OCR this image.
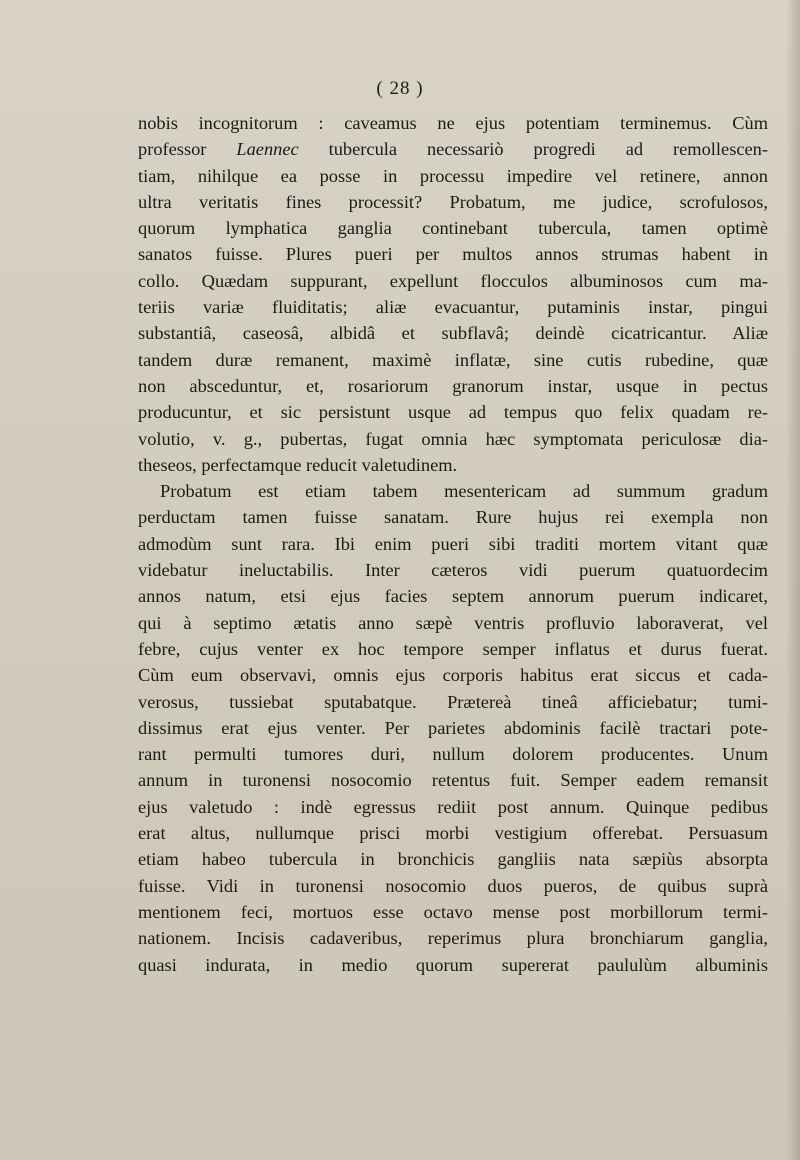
( 28 )
nobis incognitorum : caveamus ne ejus potentiam terminemus. Cùm
professor Laennec tubercula necessariò progredi ad remollescen-
tiam, nihilque ea posse in processu impedire vel retinere, annon
ultra veritatis fines processit? Probatum, me judice, scrofulosos,
quorum lymphatica ganglia continebant tubercula, tamen optimè
sanatos fuisse. Plures pueri per multos annos strumas habent in
collo. Quædam suppurant, expellunt flocculos albuminosos cum ma-
teriis variæ fluiditatis; aliæ evacuantur, putaminis instar, pingui
substantiâ, caseosâ, albidâ et subflavâ; deindè cicatricantur. Aliæ
tandem duræ remanent, maximè inflatæ, sine cutis rubedine, quæ
non absceduntur, et, rosariorum granorum instar, usque in pectus
producuntur, et sic persistunt usque ad tempus quo felix quadam re-
volutio, v. g., pubertas, fugat omnia hæc symptomata periculosæ dia-
theseos, perfectamque reducit valetudinem.
Probatum est etiam tabem mesentericam ad summum gradum
perductam tamen fuisse sanatam. Rure hujus rei exempla non
admodùm sunt rara. Ibi enim pueri sibi traditi mortem vitant quæ
videbatur ineluctabilis. Inter cæteros vidi puerum quatuordecim
annos natum, etsi ejus facies septem annorum puerum indicaret,
qui à septimo ætatis anno sæpè ventris profluvio laboraverat, vel
febre, cujus venter ex hoc tempore semper inflatus et durus fuerat.
Cùm eum observavi, omnis ejus corporis habitus erat siccus et cada-
verosus, tussiebat sputabatque. Prætereà tineâ afficiebatur; tumi-
dissimus erat ejus venter. Per parietes abdominis facilè tractari pote-
rant permulti tumores duri, nullum dolorem producentes. Unum
annum in turonensi nosocomio retentus fuit. Semper eadem remansit
ejus valetudo : indè egressus rediit post annum. Quinque pedibus
erat altus, nullumque prisci morbi vestigium offerebat. Persuasum
etiam habeo tubercula in bronchicis gangliis nata sæpiùs absorpta
fuisse. Vidi in turonensi nosocomio duos pueros, de quibus suprà
mentionem feci, mortuos esse octavo mense post morbillorum termi-
nationem. Incisis cadaveribus, reperimus plura bronchiarum ganglia,
quasi indurata, in medio quorum supererat paululùm albuminis
